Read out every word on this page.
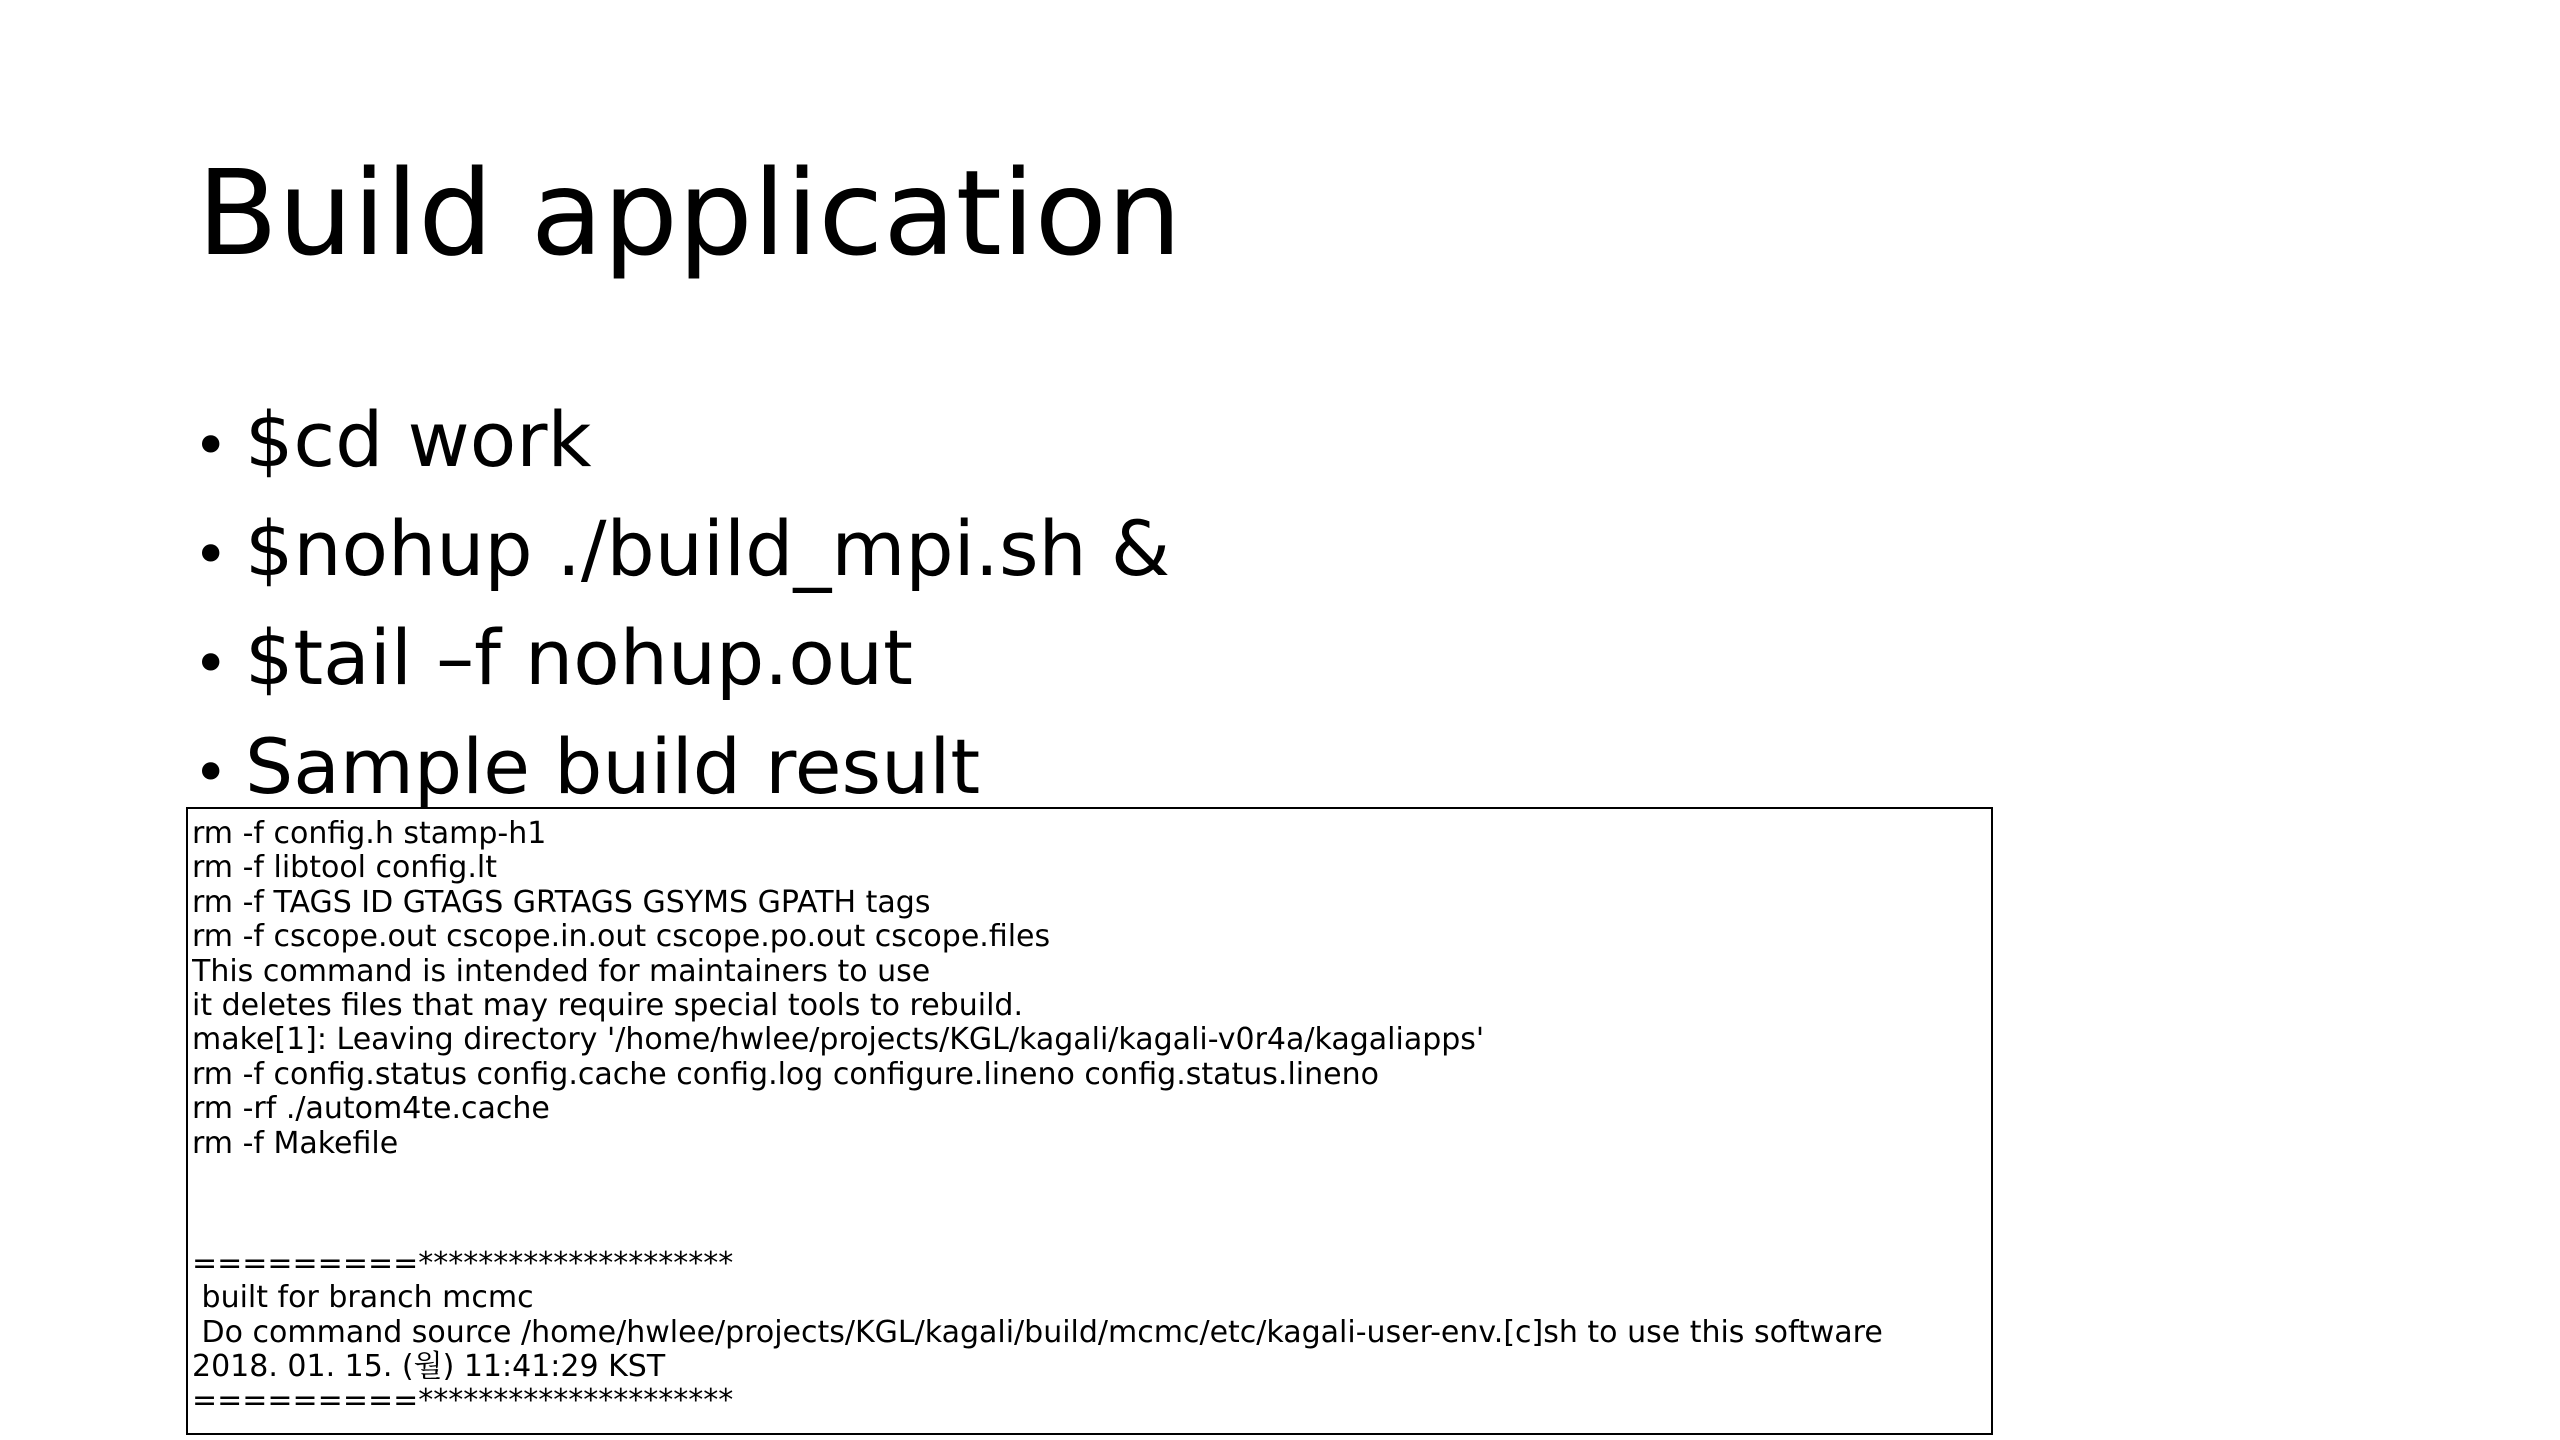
Build application
• $cd work
• $nohup ./build_mpi.sh &
• $tail –f nohup.out
• Sample build result
rm -f config.h stamp-h1
rm -f libtool config.lt
rm -f TAGS ID GTAGS GRTAGS GSYMS GPATH tags
rm -f cscope.out cscope.in.out cscope.po.out cscope.files
This command is intended for maintainers to use
it deletes files that may require special tools to rebuild.
make[1]: Leaving directory '/home/hwlee/projects/KGL/kagali/kagali-v0r4a/kagaliapps'
rm -f config.status config.cache config.log configure.lineno config.status.lineno
rm -rf ./autom4te.cache
rm -f Makefile
=========*********************
built for branch mcmc
Do command source /home/hwlee/projects/KGL/kagali/build/mcmc/etc/kagali-user-env.[c]sh to use this software
2018. 01. 15. (월) 11:41:29 KST
=========*********************
